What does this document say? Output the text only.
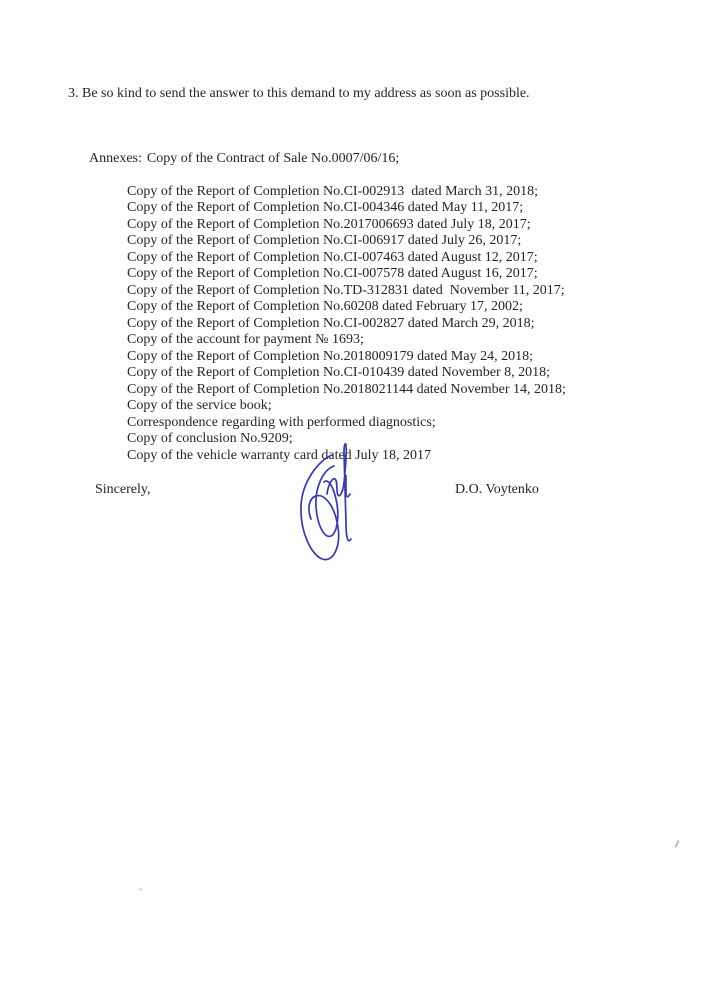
3. Be so kind to send the answer to this demand to my address as soon as possible.

Annexes: Copy of the Contract of Sale No.0007/06/16;

Copy of the Report of Completion No.CI-002913  dated March 31, 2018;
Copy of the Report of Completion No.CI-004346 dated May 11, 2017;
Copy of the Report of Completion No.2017006693 dated July 18, 2017;
Copy of the Report of Completion No.CI-006917 dated July 26, 2017;
Copy of the Report of Completion No.CI-007463 dated August 12, 2017;
Copy of the Report of Completion No.CI-007578 dated August 16, 2017;
Copy of the Report of Completion No.TD-312831 dated  November 11, 2017;
Copy of the Report of Completion No.60208 dated February 17, 2002;
Copy of the Report of Completion No.CI-002827 dated March 29, 2018;
Copy of the account for payment № 1693;
Copy of the Report of Completion No.2018009179 dated May 24, 2018;
Copy of the Report of Completion No.CI-010439 dated November 8, 2018;
Copy of the Report of Completion No.2018021144 dated November 14, 2018;
Copy of the service book;
Correspondence regarding with performed diagnostics;
Copy of conclusion No.9209;
Copy of the vehicle warranty card dated July 18, 2017
Sincerely,	D.O. Voytenko
